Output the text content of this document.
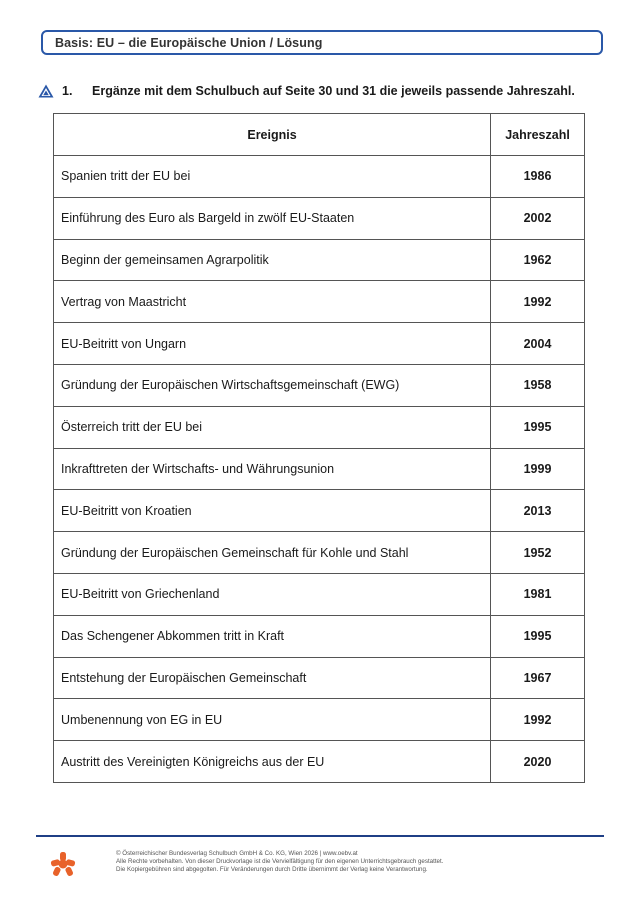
Basis: EU – die Europäische Union / Lösung
1.	Ergänze mit dem Schulbuch auf Seite 30 und 31 die jeweils passende Jahreszahl.
Ereignis	Jahreszahl
Spanien tritt der EU bei	1986
Einführung des Euro als Bargeld in zwölf EU-Staaten	2002
Beginn der gemeinsamen Agrarpolitik	1962
Vertrag von Maastricht	1992
EU-Beitritt von Ungarn	2004
Gründung der Europäischen Wirtschaftsgemeinschaft (EWG)	1958
Österreich tritt der EU bei	1995
Inkrafttreten der Wirtschafts- und Währungsunion	1999
EU-Beitritt von Kroatien	2013
Gründung der Europäischen Gemeinschaft für Kohle und Stahl	1952
EU-Beitritt von Griechenland	1981
Das Schengener Abkommen tritt in Kraft	1995
Entstehung der Europäischen Gemeinschaft	1967
Umbenennung von EG in EU	1992
Austritt des Vereinigten Königreichs aus der EU	2020
© Österreichischer Bundesverlag Schulbuch GmbH & Co. KG, Wien 2026 | www.oebv.at
Alle Rechte vorbehalten. Von dieser Druckvorlage ist die Vervielfältigung für den eigenen Unterrichtsgebrauch gestattet.
Die Kopiergebühren sind abgegolten. Für Veränderungen durch Dritte übernimmt der Verlag keine Verantwortung.
